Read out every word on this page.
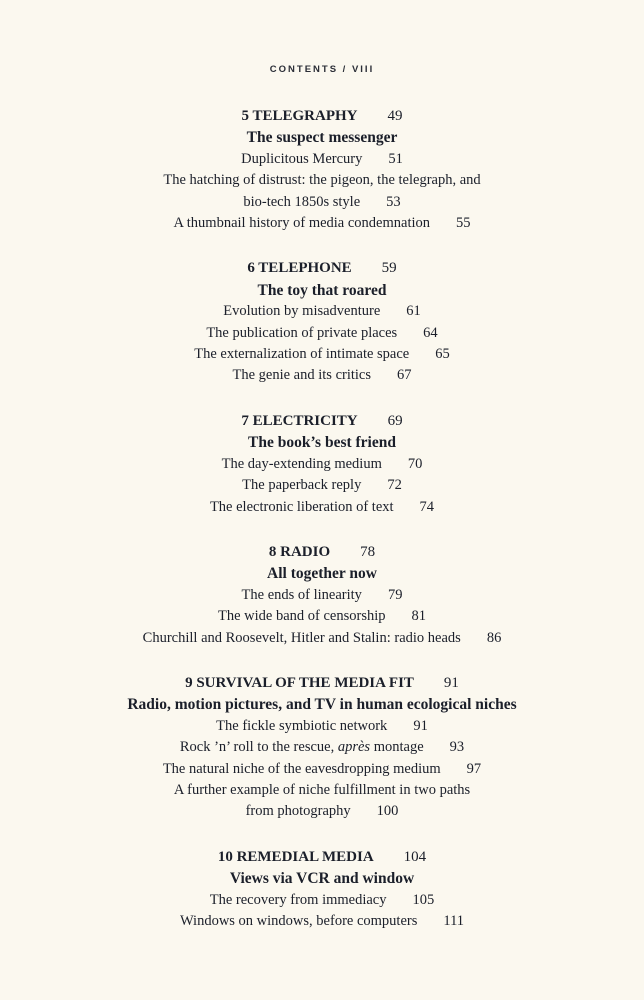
CONTENTS / VIII
5 TELEGRAPHY 49
The suspect messenger
Duplicitous Mercury 51
The hatching of distrust: the pigeon, the telegraph, and
bio-tech 1850s style 53
A thumbnail history of media condemnation 55
6 TELEPHONE 59
The toy that roared
Evolution by misadventure 61
The publication of private places 64
The externalization of intimate space 65
The genie and its critics 67
7 ELECTRICITY 69
The book’s best friend
The day-extending medium 70
The paperback reply 72
The electronic liberation of text 74
8 RADIO 78
All together now
The ends of linearity 79
The wide band of censorship 81
Churchill and Roosevelt, Hitler and Stalin: radio heads 86
9 SURVIVAL OF THE MEDIA FIT 91
Radio, motion pictures, and TV in human ecological niches
The fickle symbiotic network 91
Rock ’n’ roll to the rescue, après montage 93
The natural niche of the eavesdropping medium 97
A further example of niche fulfillment in two paths
from photography 100
10 REMEDIAL MEDIA 104
Views via VCR and window
The recovery from immediacy 105
Windows on windows, before computers 111
